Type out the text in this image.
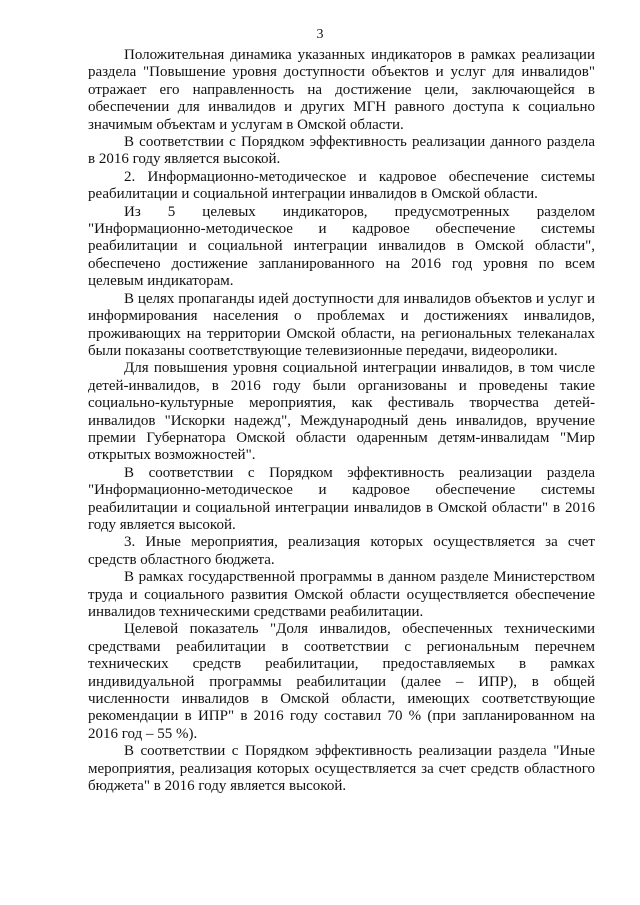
3

Положительная динамика указанных индикаторов в рамках реализации раздела "Повышение уровня доступности объектов и услуг для инвалидов" отражает его направленность на достижение цели, заключающейся в обеспечении для инвалидов и других МГН равного доступа к социально значимым объектам и услугам в Омской области.

В соответствии с Порядком эффективность реализации данного раздела в 2016 году является высокой.

2. Информационно-методическое и кадровое обеспечение системы реабилитации и социальной интеграции инвалидов в Омской области.

Из 5 целевых индикаторов, предусмотренных разделом "Информационно-методическое и кадровое обеспечение системы реабилитации и социальной интеграции инвалидов в Омской области", обеспечено достижение запланированного на 2016 год уровня по всем целевым индикаторам.

В целях пропаганды идей доступности для инвалидов объектов и услуг и информирования населения о проблемах и достижениях инвалидов, проживающих на территории Омской области, на региональных телеканалах были показаны соответствующие телевизионные передачи, видеоролики.

Для повышения уровня социальной интеграции инвалидов, в том числе детей-инвалидов, в 2016 году были организованы и проведены такие социально-культурные мероприятия, как фестиваль творчества детей-инвалидов "Искорки надежд", Международный день инвалидов, вручение премии Губернатора Омской области одаренным детям-инвалидам "Мир открытых возможностей".

В соответствии с Порядком эффективность реализации раздела "Информационно-методическое и кадровое обеспечение системы реабилитации и социальной интеграции инвалидов в Омской области" в 2016 году является высокой.

3. Иные мероприятия, реализация которых осуществляется за счет средств областного бюджета.

В рамках государственной программы в данном разделе Министерством труда и социального развития Омской области осуществляется обеспечение инвалидов техническими средствами реабилитации.

Целевой показатель "Доля инвалидов, обеспеченных техническими средствами реабилитации в соответствии с региональным перечнем технических средств реабилитации, предоставляемых в рамках индивидуальной программы реабилитации (далее – ИПР), в общей численности инвалидов в Омской области, имеющих соответствующие рекомендации в ИПР" в 2016 году составил 70 % (при запланированном на 2016 год – 55 %).

В соответствии с Порядком эффективность реализации раздела "Иные мероприятия, реализация которых осуществляется за счет средств областного бюджета" в 2016 году является высокой.
